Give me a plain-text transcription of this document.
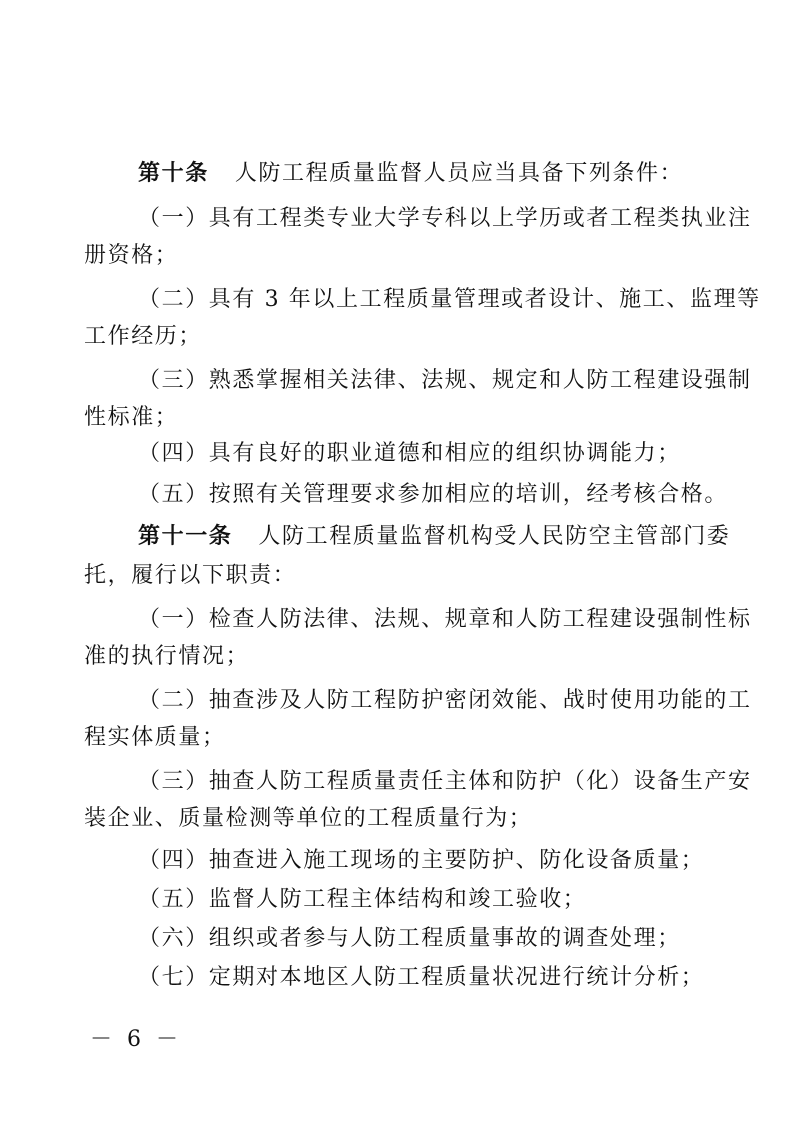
第十条 人防工程质量监督人员应当具备下列条件：
（一）具有工程类专业大学专科以上学历或者工程类执业注
册资格；
（二）具有 3 年以上工程质量管理或者设计、施工、监理等
工作经历；
（三）熟悉掌握相关法律、法规、规定和人防工程建设强制
性标准；
（四）具有良好的职业道德和相应的组织协调能力；
（五）按照有关管理要求参加相应的培训，经考核合格。
第十一条 人防工程质量监督机构受人民防空主管部门委
托，履行以下职责：
（一）检查人防法律、法规、规章和人防工程建设强制性标
准的执行情况；
（二）抽查涉及人防工程防护密闭效能、战时使用功能的工
程实体质量；
（三）抽查人防工程质量责任主体和防护（化）设备生产安
装企业、质量检测等单位的工程质量行为；
（四）抽查进入施工现场的主要防护、防化设备质量；
（五）监督人防工程主体结构和竣工验收；
（六）组织或者参与人防工程质量事故的调查处理；
（七）定期对本地区人防工程质量状况进行统计分析；
－ 6 －
